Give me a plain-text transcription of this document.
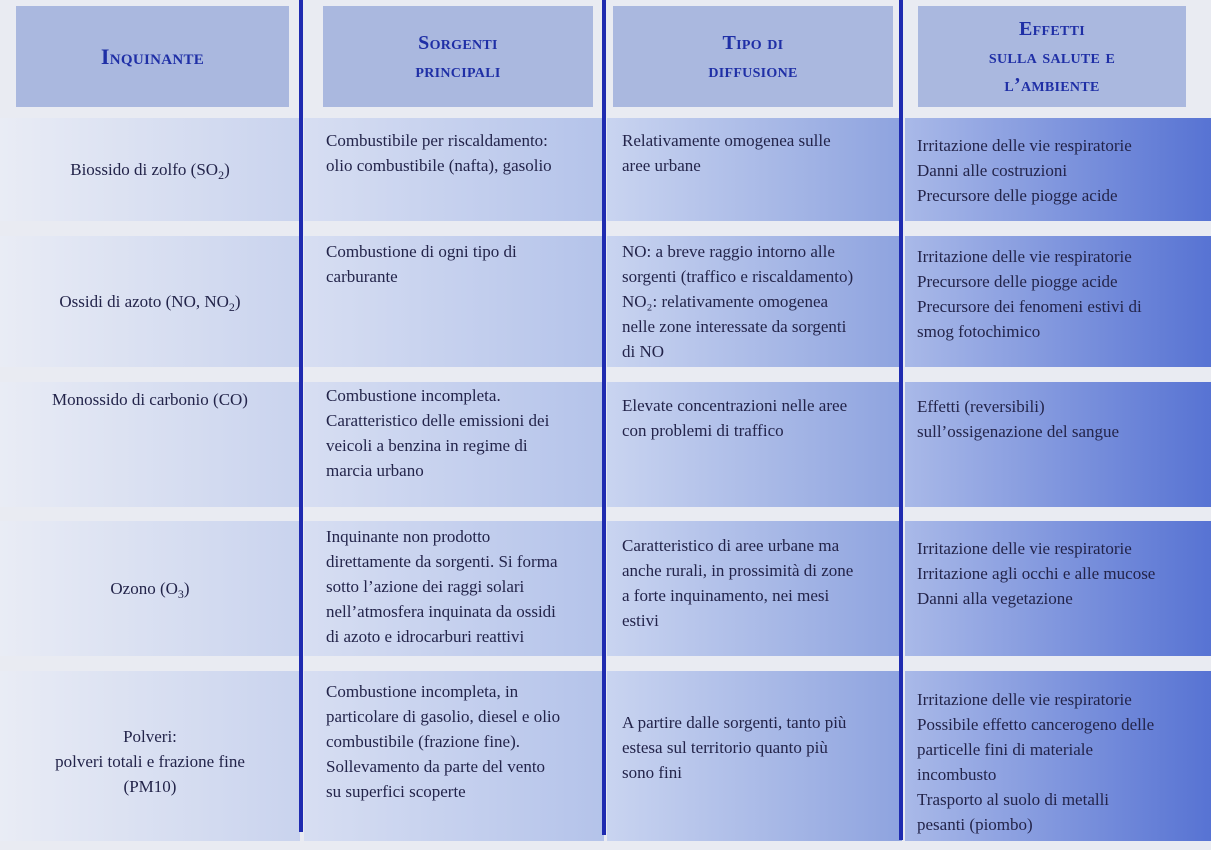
Inquinante
Sorgenti
principali
Tipo di
diffusione
Effetti
sulla salute e
l’ambiente
Biossido di zolfo $(SO_2)$
Combustibile per riscaldamento:
olio combustibile (nafta), gasolio
Relativamente omogenea sulle
aree urbane
Irritazione delle vie respiratorie
Danni alle costruzioni
Precursore delle piogge acide
Ossidi di azoto (NO, $NO_2$)
Combustione di ogni tipo di
carburante
NO: a breve raggio intorno alle
sorgenti (traffico e riscaldamento)
NO₂: relativamente omogenea
nelle zone interessate da sorgenti
di NO
Irritazione delle vie respiratorie
Precursore delle piogge acide
Precursore dei fenomeni estivi di
smog fotochimico
Monossido di carbonio (CO)	Combustione incompleta.
Caratteristico delle emissioni dei
veicoli a benzina in regime di
marcia urbano
Elevate concentrazioni nelle aree
con problemi di traffico
Effetti (reversibili)
sull’ossigenazione del sangue
Ozono $(O_3)$
Inquinante non prodotto
direttamente da sorgenti. Si forma
sotto l’azione dei raggi solari
nell’atmosfera inquinata da ossidi
di azoto e idrocarburi reattivi
Caratteristico di aree urbane ma
anche rurali, in prossimità di zone
a forte inquinamento, nei mesi
estivi
Irritazione delle vie respiratorie
Irritazione agli occhi e alle mucose
Danni alla vegetazione
Polveri:
polveri totali e frazione fine
(PM10)
Combustione incompleta, in
particolare di gasolio, diesel e olio
combustibile (frazione fine).
Sollevamento da parte del vento
su superfici scoperte
A partire dalle sorgenti, tanto più
estesa sul territorio quanto più
sono fini
Irritazione delle vie respiratorie
Possibile effetto cancerogeno delle
particelle fini di materiale
incombusto
Trasporto al suolo di metalli
pesanti (piombo)
